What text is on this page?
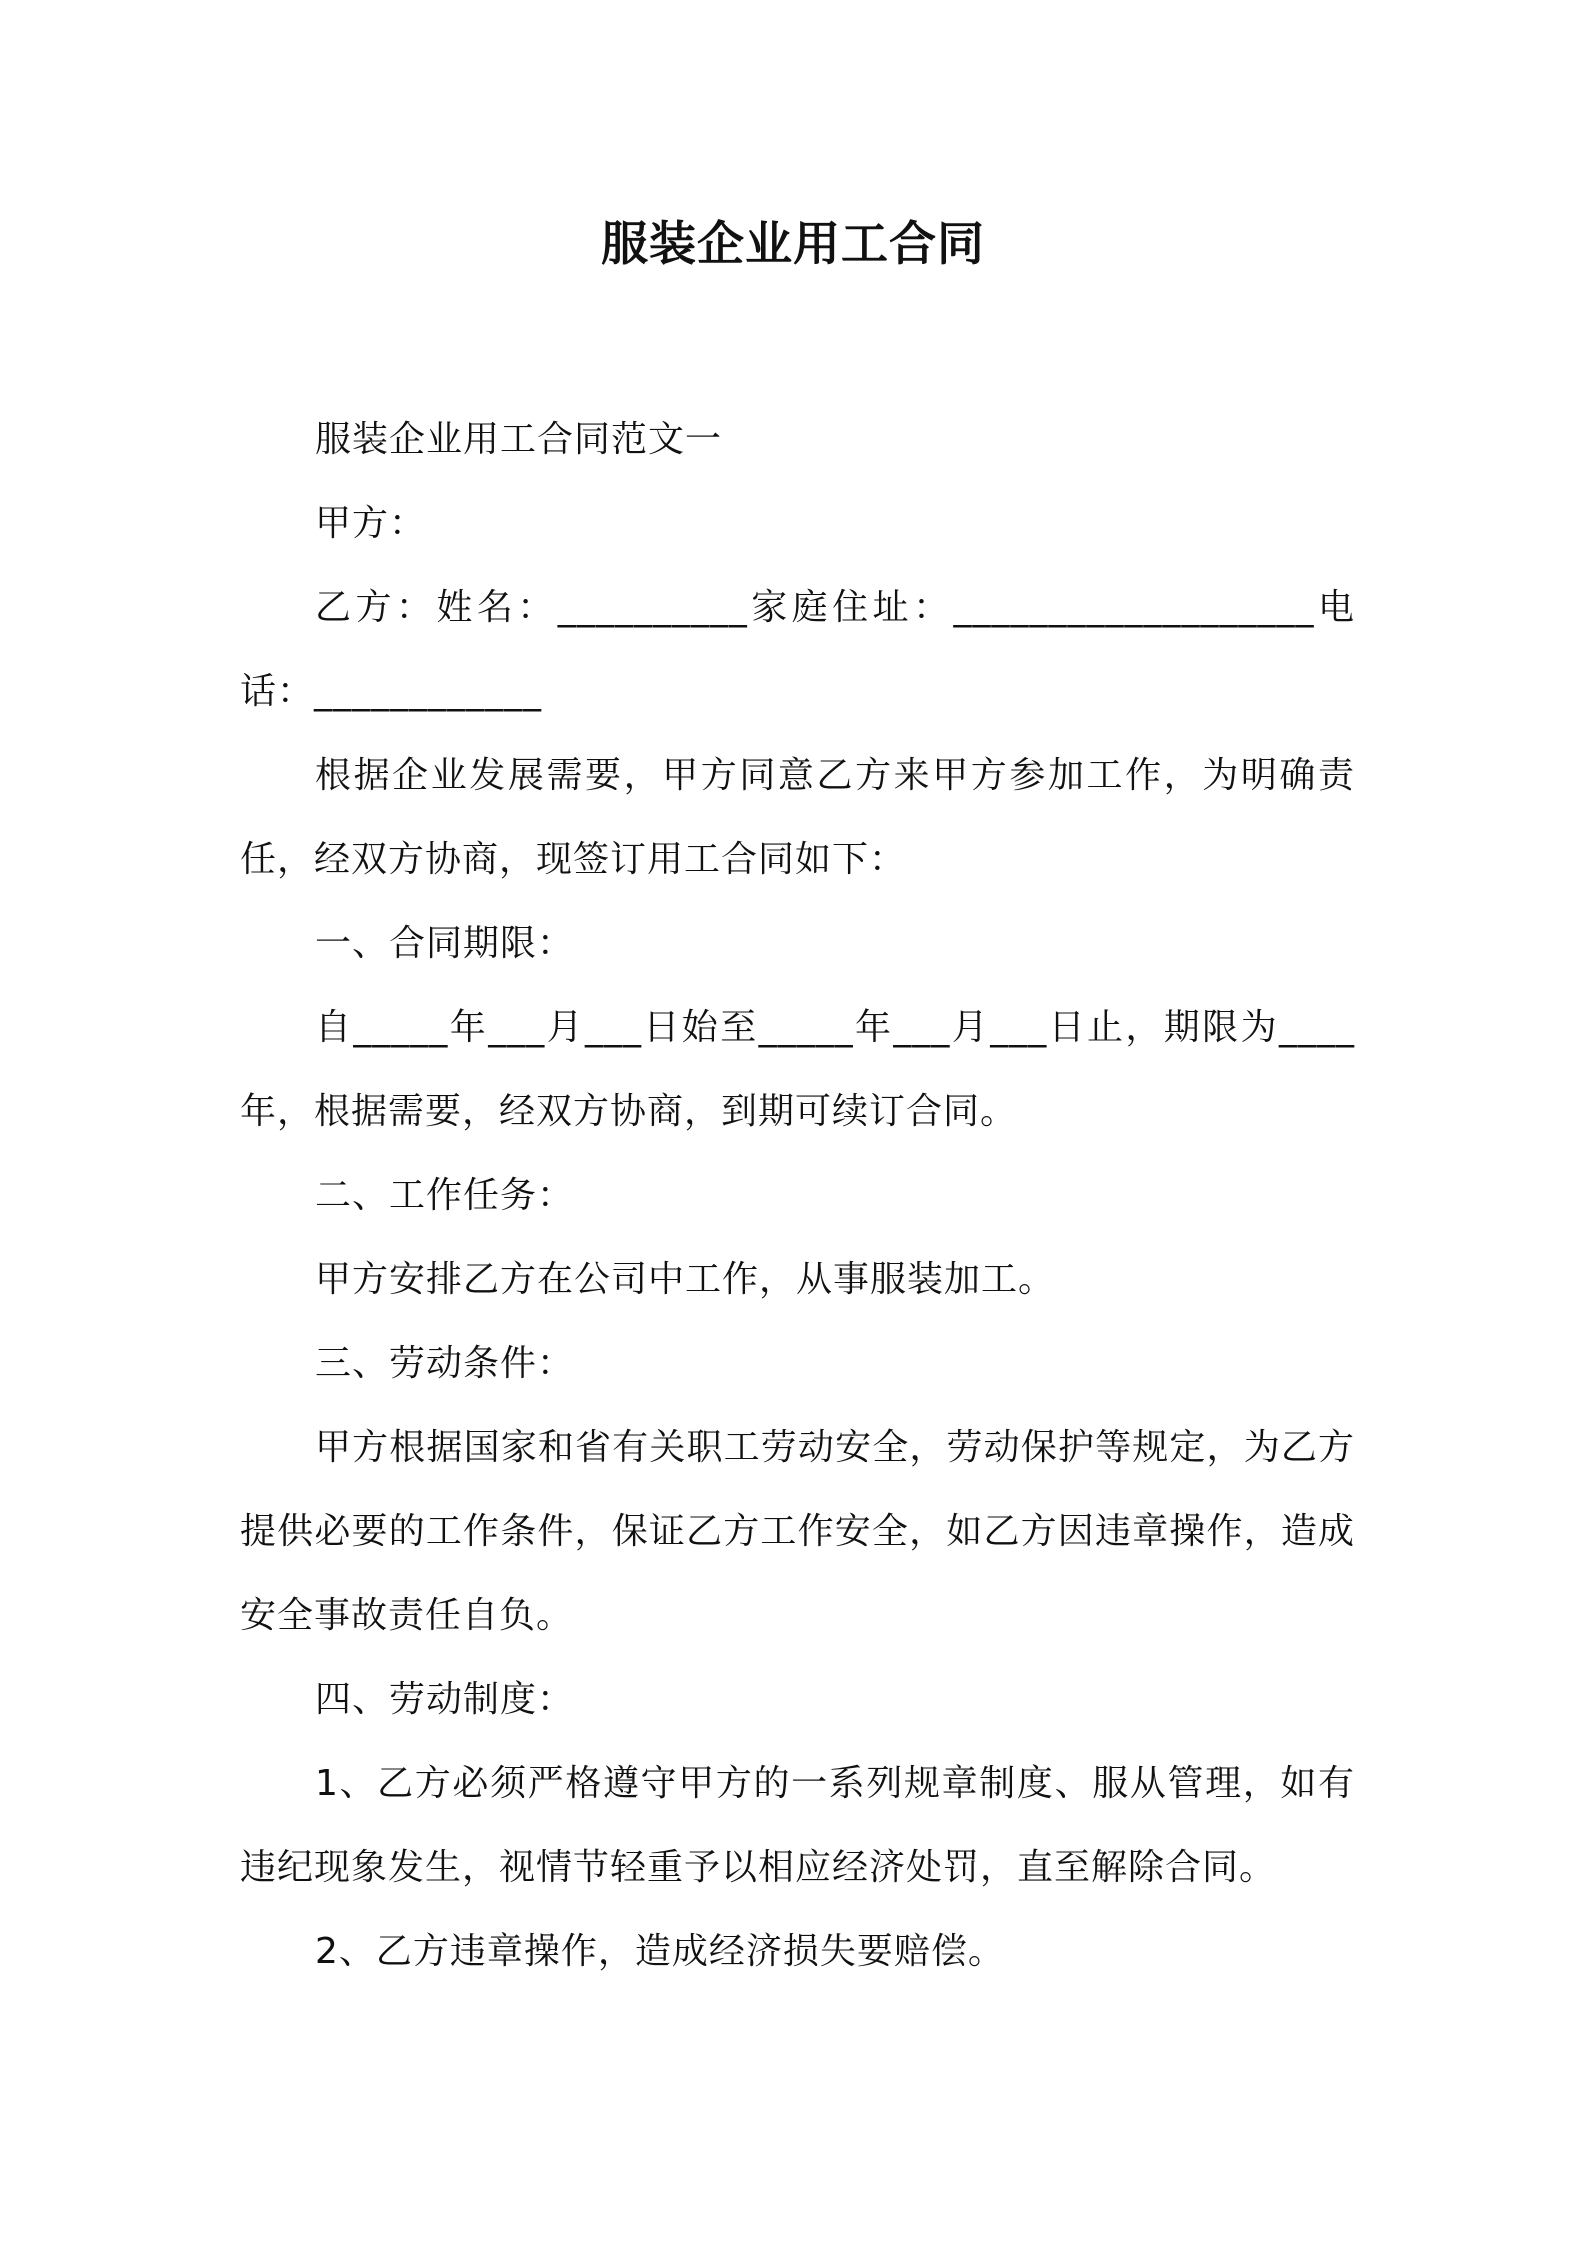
服装企业用工合同

服装企业用工合同范文一

甲方：

乙方：姓名：__________家庭住址：___________________电话：____________

根据企业发展需要，甲方同意乙方来甲方参加工作，为明确责任，经双方协商，现签订用工合同如下：

一、合同期限：

自_____年___月___日始至_____年___月___日止，期限为____年，根据需要，经双方协商，到期可续订合同。

二、工作任务：

甲方安排乙方在公司中工作，从事服装加工。

三、劳动条件：

甲方根据国家和省有关职工劳动安全，劳动保护等规定，为乙方提供必要的工作条件，保证乙方工作安全，如乙方因违章操作，造成安全事故责任自负。

四、劳动制度：

1、乙方必须严格遵守甲方的一系列规章制度、服从管理，如有违纪现象发生，视情节轻重予以相应经济处罚，直至解除合同。

2、乙方违章操作，造成经济损失要赔偿。
